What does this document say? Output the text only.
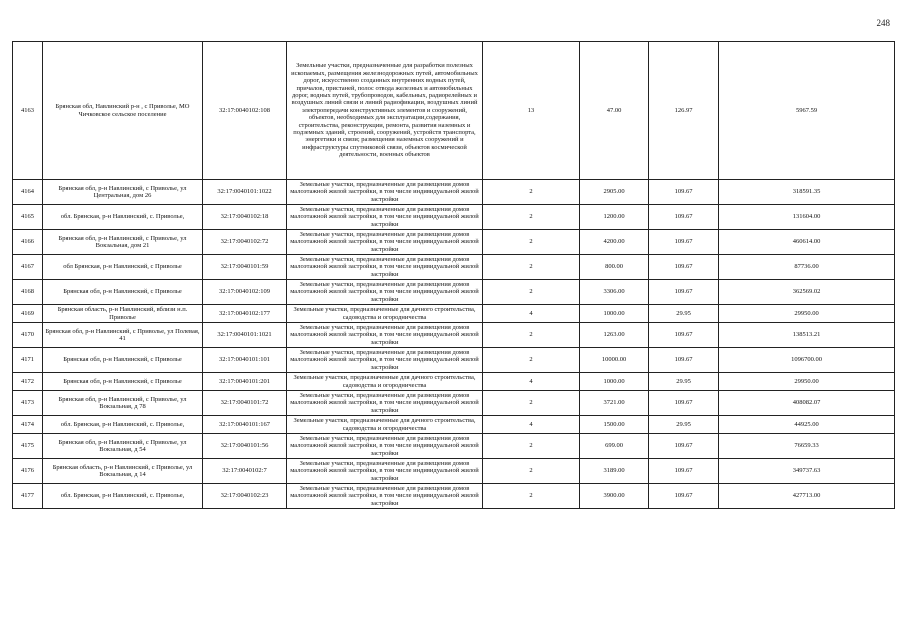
248
4163	Брянская обл, Навлинский р-н , с Приволье, МО Чичковское сельское поселение	32:17:0040102:108	Земельные участки, предназначенные для разработки полезных ископаемых, размещения железнодорожных путей, автомобильных дорог, искусственно созданных внутренних водных путей, причалов, пристаней, полос отвода железных и автомобильных дорог, водных путей, трубопроводов, кабельных, радиорелейных и воздушных линий связи и линий радиофикации, воздушных линий электропередачи конструктивных элементов и сооружений, объектов, необходимых для эксплуатации,содержания, строительства, реконструкции, ремонта, развития наземных и подземных зданий, строений, сооружений, устройств транспорта, энергетики и связи; размещения наземных сооружений и инфраструктуры спутниковой связи, объектов космической деятельности, военных объектов	13	47.00	126.97	5967.59
4164	Брянская обл, р-н Навлинский, с Приволье, ул Центральная, дом 26	32:17:0040101:1022	Земельные участки, предназначенные для размещения домов малоэтажной жилой застройки, в том числе индивидуальной жилой застройки	2	2905.00	109.67	318591.35
4165	обл. Брянская, р-н Навлинский, с. Приволье,	32:17:0040102:18	Земельные участки, предназначенные для размещения домов малоэтажной жилой застройки, в том числе индивидуальной жилой застройки	2	1200.00	109.67	131604.00
4166	Брянская обл, р-н Навлинский, с Приволье, ул Вокзальная, дом 21	32:17:0040102:72	Земельные участки, предназначенные для размещения домов малоэтажной жилой застройки, в том числе индивидуальной жилой застройки	2	4200.00	109.67	460614.00
4167	обл Брянская, р-н Навлинский, с Приволье	32:17:0040101:59	Земельные участки, предназначенные для размещения домов малоэтажной жилой застройки, в том числе индивидуальной жилой застройки	2	800.00	109.67	87736.00
4168	Брянская обл, р-н Навлинский, с Приволье	32:17:0040102:109	Земельные участки, предназначенные для размещения домов малоэтажной жилой застройки, в том числе индивидуальной жилой застройки	2	3306.00	109.67	362569.02
4169	Брянская область, р-н Навлинский, вблизи н.п. Приволье	32:17:0040102:177	Земельные участки, предназначенные для дачного строительства, садоводства и огородничества	4	1000.00	29.95	29950.00
4170	Брянская обл, р-н Навлинский, с Приволье, ул Полевая, 41	32:17:0040101:1021	Земельные участки, предназначенные для размещения домов малоэтажной жилой застройки, в том числе индивидуальной жилой застройки	2	1263.00	109.67	138513.21
4171	Брянская обл, р-н Навлинский, с Приволье	32:17:0040101:101	Земельные участки, предназначенные для размещения домов малоэтажной жилой застройки, в том числе индивидуальной жилой застройки	2	10000.00	109.67	1096700.00
4172	Брянская обл, р-н Навлинский, с Приволье	32:17:0040101:201	Земельные участки, предназначенные для дачного строительства, садоводства и огородничества	4	1000.00	29.95	29950.00
4173	Брянская обл, р-н Навлинский, с Приволье, ул Вокзальная, д 78	32:17:0040101:72	Земельные участки, предназначенные для размещения домов малоэтажной жилой застройки, в том числе индивидуальной жилой застройки	2	3721.00	109.67	408082.07
4174	обл. Брянская, р-н Навлинский, с. Приволье,	32:17:0040101:167	Земельные участки, предназначенные для дачного строительства, садоводства и огородничества	4	1500.00	29.95	44925.00
4175	Брянская обл, р-н Навлинский, с Приволье, ул Вокзальная, д 54	32:17:0040101:56	Земельные участки, предназначенные для размещения домов малоэтажной жилой застройки, в том числе индивидуальной жилой застройки	2	699.00	109.67	76659.33
4176	Брянская область, р-н Навлинский, с Приволье, ул Вокзальная, д 14	32:17:0040102:7	Земельные участки, предназначенные для размещения домов малоэтажной жилой застройки, в том числе индивидуальной жилой застройки	2	3189.00	109.67	349737.63
4177	обл. Брянская, р-н Навлинский, с. Приволье,	32:17:0040102:23	Земельные участки, предназначенные для размещения домов малоэтажной жилой застройки, в том числе индивидуальной жилой застройки	2	3900.00	109.67	427713.00
